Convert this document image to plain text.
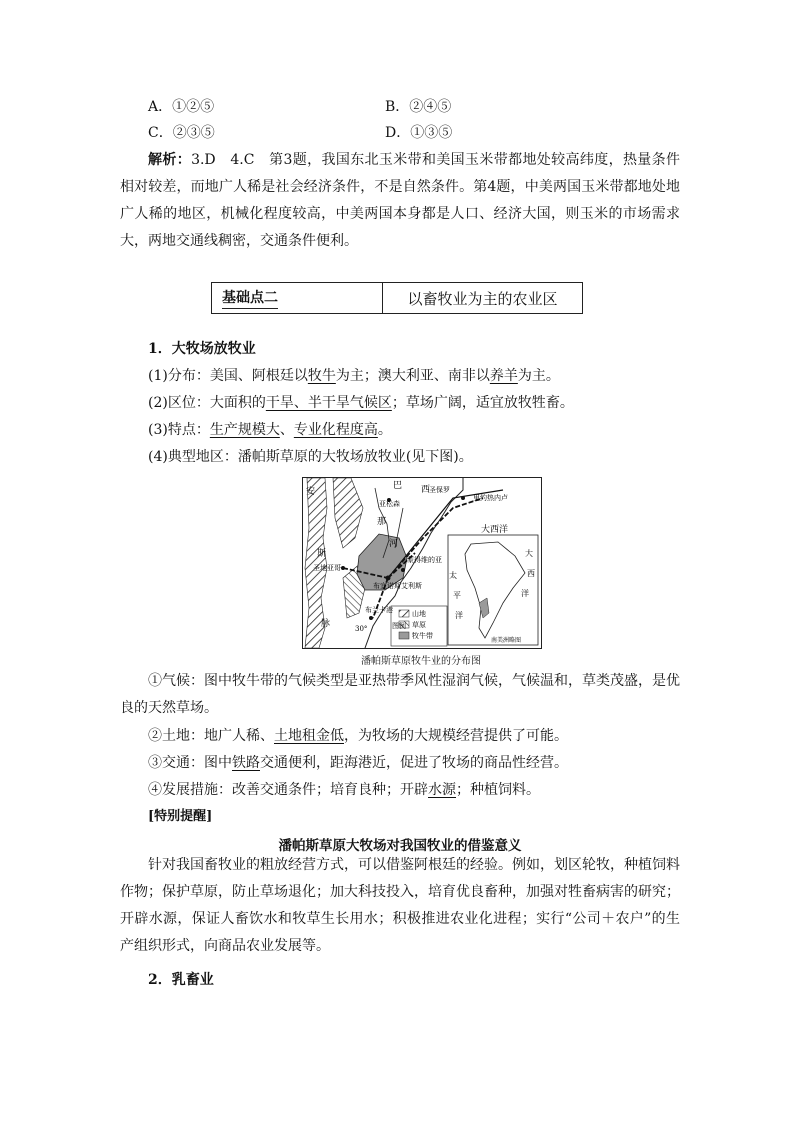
A．①②⑤	B．②④⑤
C．②③⑤	D．①③⑤
解析：3.D　4.C　第3题，我国东北玉米带和美国玉米带都地处较高纬度，热量条件相对较差，而地广人稀是社会经济条件，不是自然条件。第4题，中美两国玉米带都地处地广人稀的地区，机械化程度较高，中美两国本身都是人口、经济大国，则玉米的市场需求大，两地交通线稠密，交通条件便利。
基础点二	以畜牧业为主的农业区
1．大牧场放牧业
(1)分布：美国、阿根廷以牧牛为主；澳大利亚、南非以养羊为主。
(2)区位：大面积的干旱、半干旱气候区；草场广阔，适宜放牧牲畜。
(3)特点：生产规模大、专业化程度高。
(4)典型地区：潘帕斯草原的大牧场放牧业(见下图)。
安
巴 西
亚松森
圣保罗
里约热内卢
那
河
大西洋
斯
圣地亚哥
蒙得维的亚
布宜诺斯艾利斯
布兰卡港
脉	30°	图例
山地
草原
牧牛带
太
平
洋
大
西
洋
南美洲略图
潘帕斯草原牧牛业的分布图
①气候：图中牧牛带的气候类型是亚热带季风性湿润气候，气候温和，草类茂盛，是优良的天然草场。
②土地：地广人稀、土地租金低，为牧场的大规模经营提供了可能。
③交通：图中铁路交通便利，距海港近，促进了牧场的商品性经营。
④发展措施：改善交通条件；培育良种；开辟水源；种植饲料。
[特别提醒]
潘帕斯草原大牧场对我国牧业的借鉴意义
针对我国畜牧业的粗放经营方式，可以借鉴阿根廷的经验。例如，划区轮牧，种植饲料作物；保护草原，防止草场退化；加大科技投入，培育优良畜种，加强对牲畜病害的研究；开辟水源，保证人畜饮水和牧草生长用水；积极推进农业化进程；实行“公司＋农户”的生产组织形式，向商品农业发展等。
2．乳畜业
